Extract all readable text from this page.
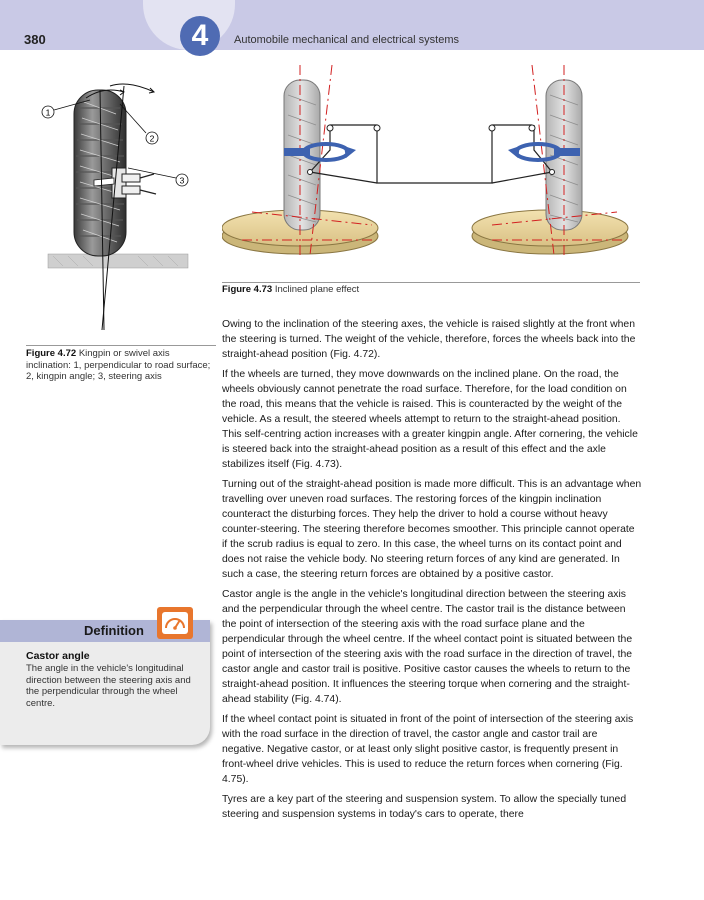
380	4	Automobile mechanical and electrical systems
1
2
3
Figure 4.72 Kingpin or swivel axis inclination: 1, perpendicular to road surface; 2, kingpin angle; 3, steering axis
Figure 4.73 Inclined plane effect
Definition
Castor angle
The angle in the vehicle's longitudinal direction between the steering axis and the perpendicular through the wheel centre.

Owing to the inclination of the steering axes, the vehicle is raised slightly at the front when the steering is turned. The weight of the vehicle, therefore, forces the wheels back into the straight-ahead position (Fig. 4.72).

If the wheels are turned, they move downwards on the inclined plane. On the road, the wheels obviously cannot penetrate the road surface. Therefore, for the load condition on the road, this means that the vehicle is raised. This is counteracted by the weight of the vehicle. As a result, the steered wheels attempt to return to the straight-ahead position. This self-centring action increases with a greater kingpin angle. After cornering, the vehicle is steered back into the straight-ahead position as a result of this effect and the axle stabilizes itself (Fig. 4.73).

Turning out of the straight-ahead position is made more difficult. This is an advantage when travelling over uneven road surfaces. The restoring forces of the kingpin inclination counteract the disturbing forces. They help the driver to hold a course without heavy counter-steering. The steering therefore becomes smoother. This principle cannot operate if the scrub radius is equal to zero. In this case, the wheel turns on its contact point and does not raise the vehicle body. No steering return forces of any kind are generated. In such a case, the steering return forces are obtained by a positive castor.

Castor angle is the angle in the vehicle's longitudinal direction between the steering axis and the perpendicular through the wheel centre. The castor trail is the distance between the point of intersection of the steering axis with the road surface plane and the perpendicular through the wheel centre. If the wheel contact point is situated between the point of intersection of the steering axis with the road surface in the direction of travel, the castor angle and castor trail is positive. Positive castor causes the wheels to return to the straight-ahead position. It influences the steering torque when cornering and the straight-ahead stability (Fig. 4.74).

If the wheel contact point is situated in front of the point of intersection of the steering axis with the road surface in the direction of travel, the castor angle and castor trail are negative. Negative castor, or at least only slight positive castor, is frequently present in front-wheel drive vehicles. This is used to reduce the return forces when cornering (Fig. 4.75).

Tyres are a key part of the steering and suspension system. To allow the specially tuned steering and suspension systems in today's cars to operate, there
